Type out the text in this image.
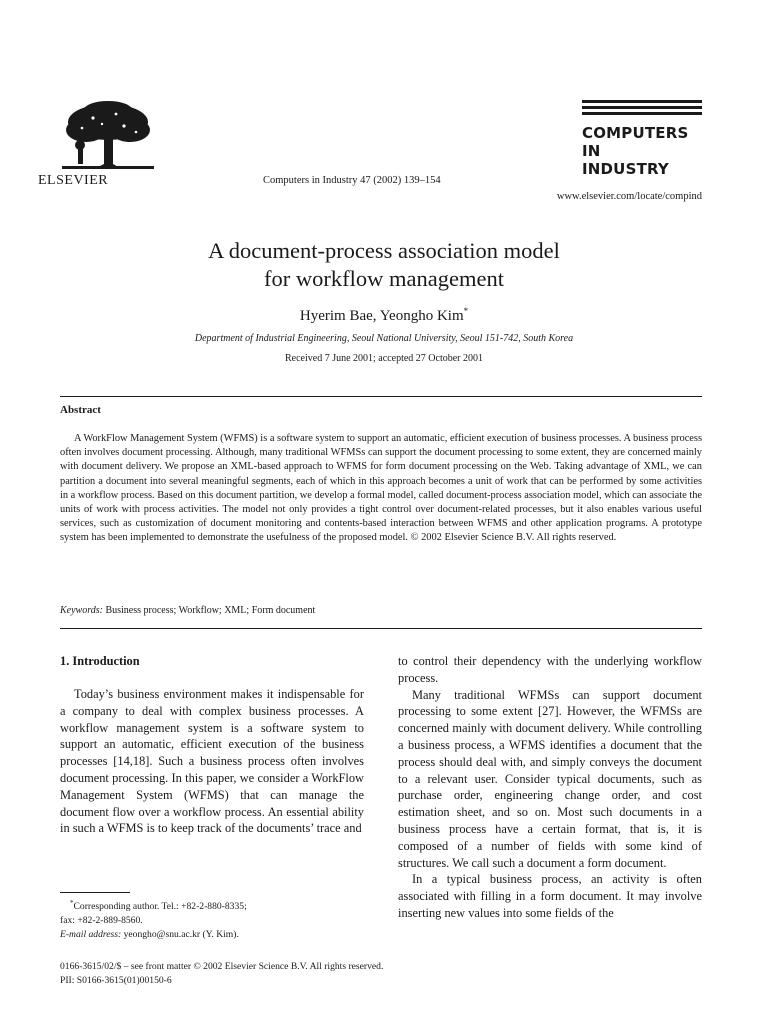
ELSEVIER	Computers in Industry 47 (2002) 139–154
COMPUTERS IN
INDUSTRY
www.elsevier.com/locate/compind
A document-process association model
for workflow management
Hyerim Bae, Yeongho Kim*
Department of Industrial Engineering, Seoul National University, Seoul 151-742, South Korea
Received 7 June 2001; accepted 27 October 2001
Abstract

A WorkFlow Management System (WFMS) is a software system to support an automatic, efficient execution of business processes. A business process often involves document processing. Although, many traditional WFMSs can support the document processing to some extent, they are concerned mainly with document delivery. We propose an XML-based approach to WFMS for form document processing on the Web. Taking advantage of XML, we can partition a document into several meaningful segments, each of which in this approach becomes a unit of work that can be performed by some activities in a workflow process. Based on this document partition, we develop a formal model, called document-process association model, which can associate the units of work with process activities. The model not only provides a tight control over document-related processes, but it also enables various useful services, such as customization of document monitoring and contents-based interaction between WFMS and other application programs. A prototype system has been implemented to demonstrate the usefulness of the proposed model. © 2002 Elsevier Science B.V. All rights reserved.

Keywords: Business process; Workflow; XML; Form document
1. Introduction

Today’s business environment makes it indispensable for a company to deal with complex business processes. A workflow management system is a software system to support an automatic, efficient execution of the business processes [14,18]. Such a business process often involves document processing. In this paper, we consider a WorkFlow Management System (WFMS) that can manage the document flow over a workflow process. An essential ability in such a WFMS is to keep track of the documents’ trace and

to control their dependency with the underlying workflow process.

Many traditional WFMSs can support document processing to some extent [27]. However, the WFMSs are concerned mainly with document delivery. While controlling a business process, a WFMS identifies a document that the process should deal with, and simply conveys the document to a relevant user. Consider typical documents, such as purchase order, engineering change order, and cost estimation sheet, and so on. Most such documents in a business process have a certain format, that is, it is composed of a number of fields with some kind of structures. We call such a document a form document.

In a typical business process, an activity is often associated with filling in a form document. It may involve inserting new values into some fields of the

*Corresponding author. Tel.: +82-2-880-8335;
fax: +82-2-889-8560.
E-mail address: yeongho@snu.ac.kr (Y. Kim).
0166-3615/02/$ – see front matter © 2002 Elsevier Science B.V. All rights reserved.
PII: S0166-3615(01)00150-6
